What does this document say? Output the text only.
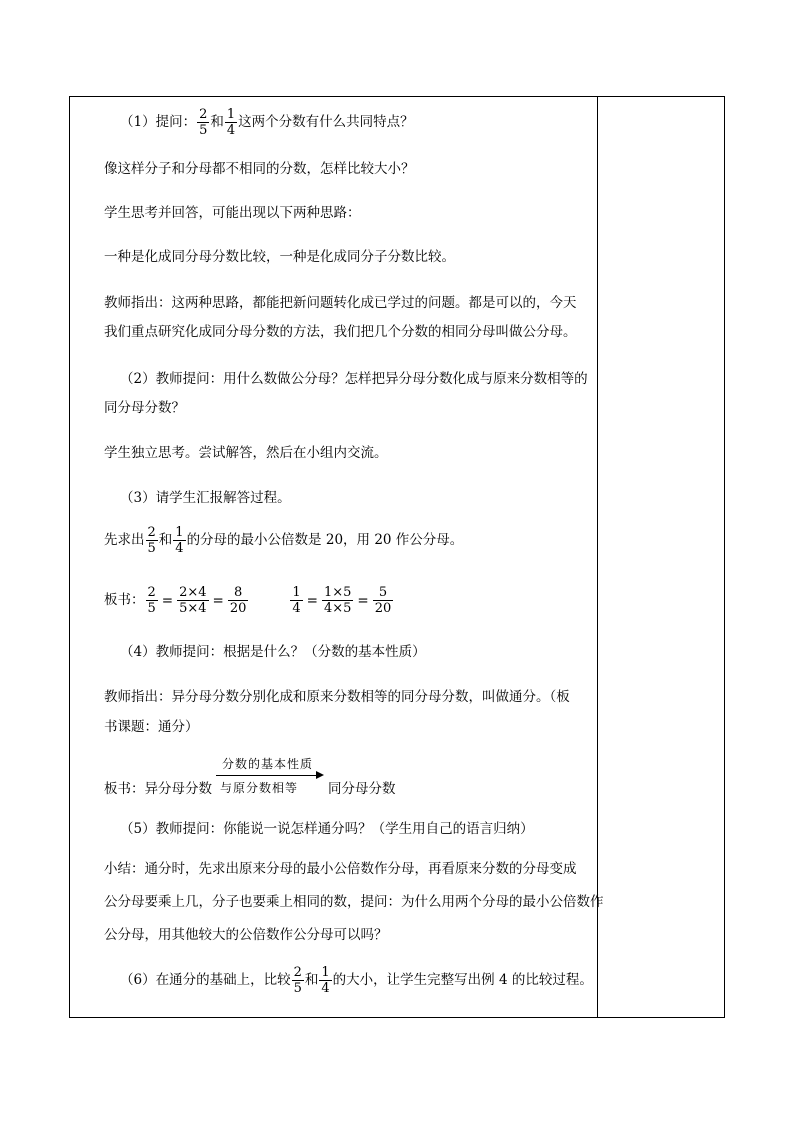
（1）提问： $\frac{2}{5}$ 和 $\frac{1}{4}$ 这两个分数有什么共同特点？
像这样分子和分母都不相同的分数，怎样比较大小？
学生思考并回答，可能出现以下两种思路：
一种是化成同分母分数比较，一种是化成同分子分数比较。
教师指出：这两种思路，都能把新问题转化成已学过的问题。都是可以的，今天
我们重点研究化成同分母分数的方法，我们把几个分数的相同分母叫做公分母。
（2）教师提问：用什么数做公分母？怎样把异分母分数化成与原来分数相等的
同分母分数？
学生独立思考。尝试解答，然后在小组内交流。
（3）请学生汇报解答过程。
先求出 $\frac{2}{5}$ 和 $\frac{1}{4}$ 的分母的最小公倍数是 20，用 20 作公分母。
板书： $\frac{2}{5} = \frac{2\times 4}{5\times 4} = \frac{8}{20}$	$\frac{1}{4} = \frac{1\times 5}{4\times 5} = \frac{5}{20}$
（4）教师提问：根据是什么？（分数的基本性质）
教师指出：异分母分数分别化成和原来分数相等的同分母分数，叫做通分。（板
书课题：通分）
板书：异分母分数
分数的基本性质
与原分数相等 同分母分数
（5）教师提问：你能说一说怎样通分吗？（学生用自己的语言归纳）
小结：通分时，先求出原来分母的最小公倍数作分母，再看原来分数的分母变成
公分母要乘上几，分子也要乘上相同的数，提问：为什么用两个分母的最小公倍数作
公分母，用其他较大的公倍数作公分母可以吗？
（6）在通分的基础上，比较 $\frac{2}{5}$ 和 $\frac{1}{4}$ 的大小，让学生完整写出例 4 的比较过程。
